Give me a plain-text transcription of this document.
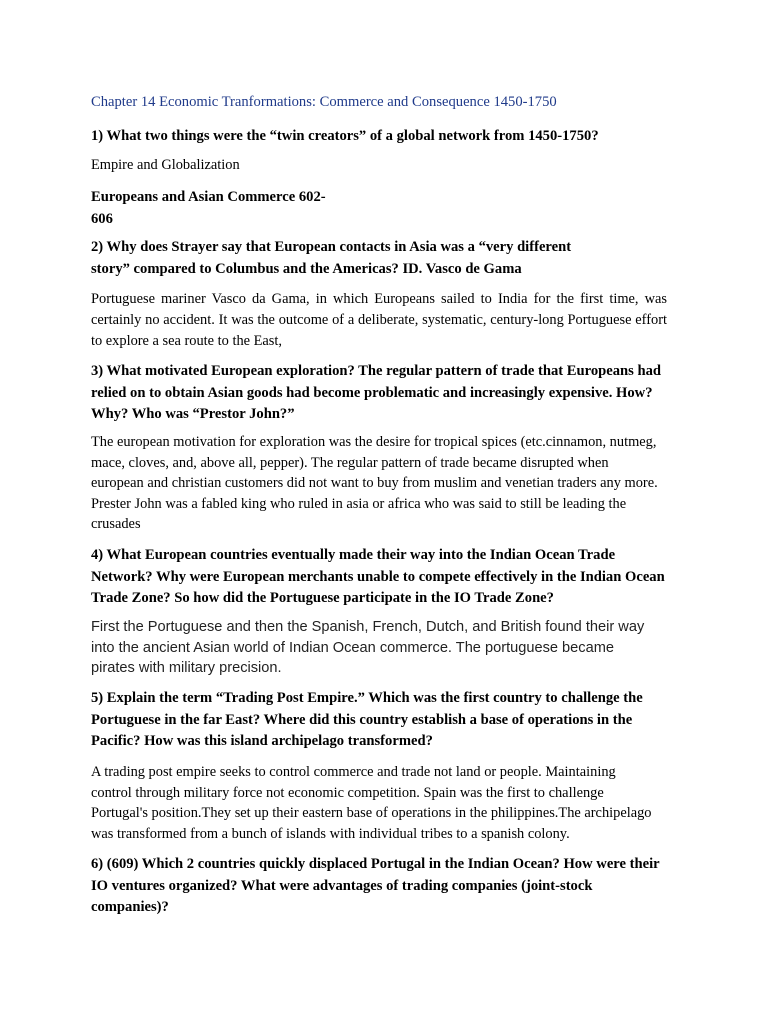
Chapter 14 Economic Tranformations: Commerce and Consequence 1450-1750
1) What two things were the “twin creators” of a global network from 1450-1750?
Empire and Globalization
Europeans and Asian Commerce 602-
606
2) Why does Strayer say that European contacts in Asia was a “very different
story” compared to Columbus and the Americas? ID. Vasco de Gama
Portuguese mariner Vasco da Gama, in which Europeans sailed to India for the first time, was certainly no accident. It was the outcome of a deliberate, systematic, century-long Portuguese effort to explore a sea route to the East,
3) What motivated European exploration? The regular pattern of trade that Europeans had relied on to obtain Asian goods had become problematic and increasingly expensive. How? Why? Who was “Prestor John?”
The european motivation for exploration was the desire for tropical spices (etc.cinnamon, nutmeg, mace, cloves, and, above all, pepper). The regular pattern of trade became disrupted when european and christian customers did not want to buy from muslim and venetian traders any more. Prester John was a fabled king who ruled in asia or africa who was said to still be leading the crusades
4) What European countries eventually made their way into the Indian Ocean Trade Network? Why were European merchants unable to compete effectively in the Indian Ocean Trade Zone? So how did the Portuguese participate in the IO Trade Zone?
First the Portuguese and then the Spanish, French, Dutch, and British found their way into the ancient Asian world of Indian Ocean commerce. The portuguese became pirates with military precision.
5) Explain the term “Trading Post Empire.” Which was the first country to challenge the Portuguese in the far East? Where did this country establish a base of operations in the Pacific? How was this island archipelago transformed?
A trading post empire seeks to control commerce and trade not land or people. Maintaining control through military force not economic competition. Spain was the first to challenge Portugal's position.They set up their eastern base of operations in the philippines.The archipelago was transformed from a bunch of islands with individual tribes to a spanish colony.
6) (609) Which 2 countries quickly displaced Portugal in the Indian Ocean? How were their IO ventures organized? What were advantages of trading companies (joint-stock companies)?
